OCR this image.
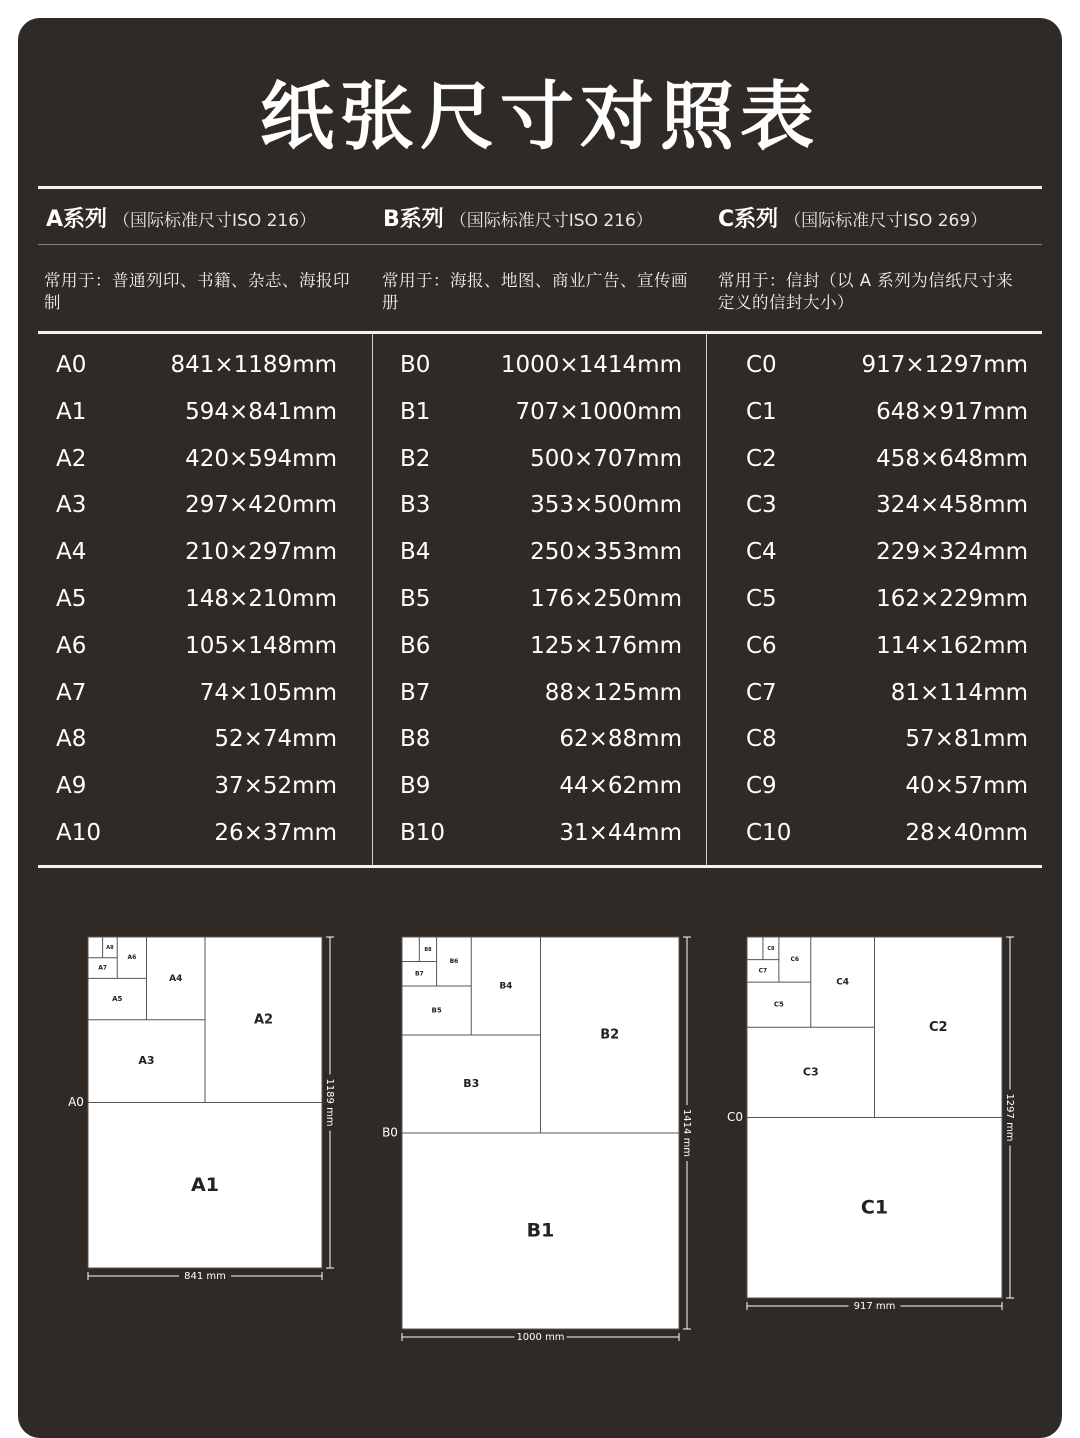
纸张尺寸对照表
A系列 （国际标准尺寸ISO 216）	B系列 （国际标准尺寸ISO 216）	C系列 （国际标准尺寸ISO 269）
常用于：普通列印、书籍、杂志、海报印制
常用于：海报、地图、商业广告、宣传画册
常用于：信封（以 A 系列为信纸尺寸来定义的信封大小）
A0	841×1189mm
A1	594×841mm
A2	420×594mm
A3	297×420mm
A4	210×297mm
A5	148×210mm
A6	105×148mm
A7	74×105mm
A8	52×74mm
A9	37×52mm
A10	26×37mm
B0	1000×1414mm
B1	707×1000mm
B2	500×707mm
B3	353×500mm
B4	250×353mm
B5	176×250mm
B6	125×176mm
B7	88×125mm
B8	62×88mm
B9	44×62mm
B10	31×44mm
C0	917×1297mm
C1	648×917mm
C2	458×648mm
C3	324×458mm
C4	229×324mm
C5	162×229mm
C6	114×162mm
C7	81×114mm
C8	57×81mm
C9	40×57mm
C10	28×40mm
A1
A2
A3
A4
A5
A6
A7
A8
A0
841 mm
1189 mm
B1
B2
B3
B4
B5
B6
B7
B8
B0
1000 mm
1414 mm
C1
C2
C3
C4
C5
C6
C7
C8
C0
917 mm
1297 mm
